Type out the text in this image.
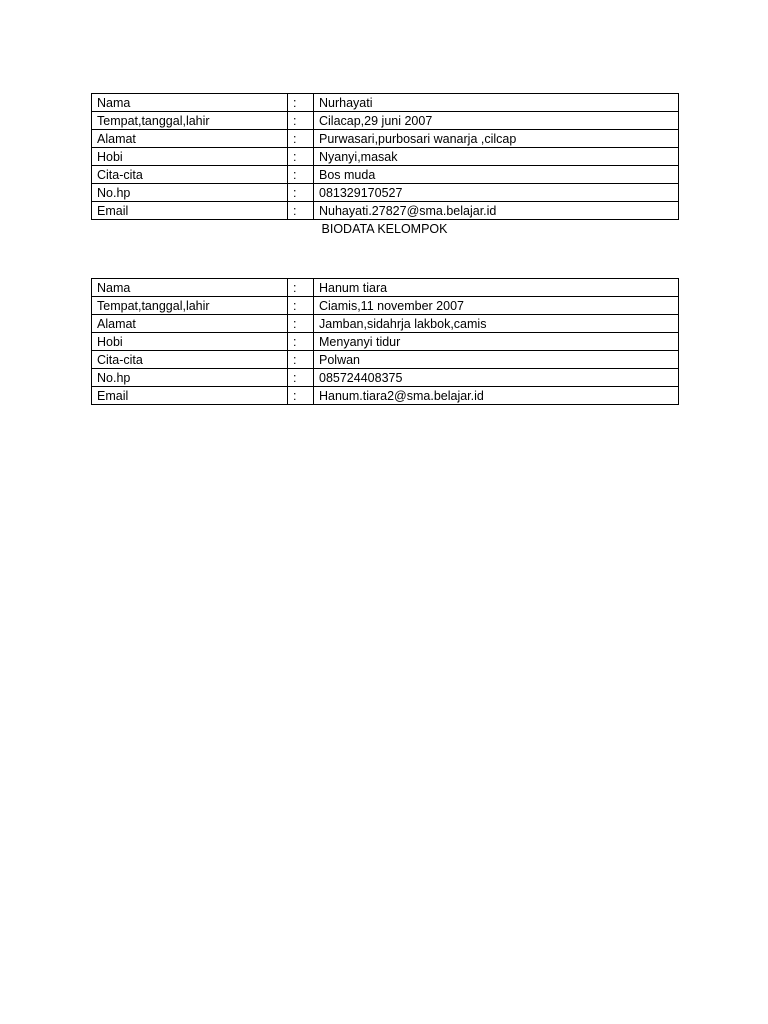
Nama	:	Nurhayati
Tempat,tanggal,lahir	:	Cilacap,29 juni 2007
Alamat	:	Purwasari,purbosari wanarja ,cilcap
Hobi	:	Nyanyi,masak
Cita-cita	:	Bos muda
No.hp	:	081329170527
Email	:	Nuhayati.27827@sma.belajar.id
BIODATA KELOMPOK
Nama	:	Hanum tiara
Tempat,tanggal,lahir	:	Ciamis,11 november 2007
Alamat	:	Jamban,sidahrja lakbok,camis
Hobi	:	Menyanyi tidur
Cita-cita	:	Polwan
No.hp	:	085724408375
Email	:	Hanum.tiara2@sma.belajar.id
